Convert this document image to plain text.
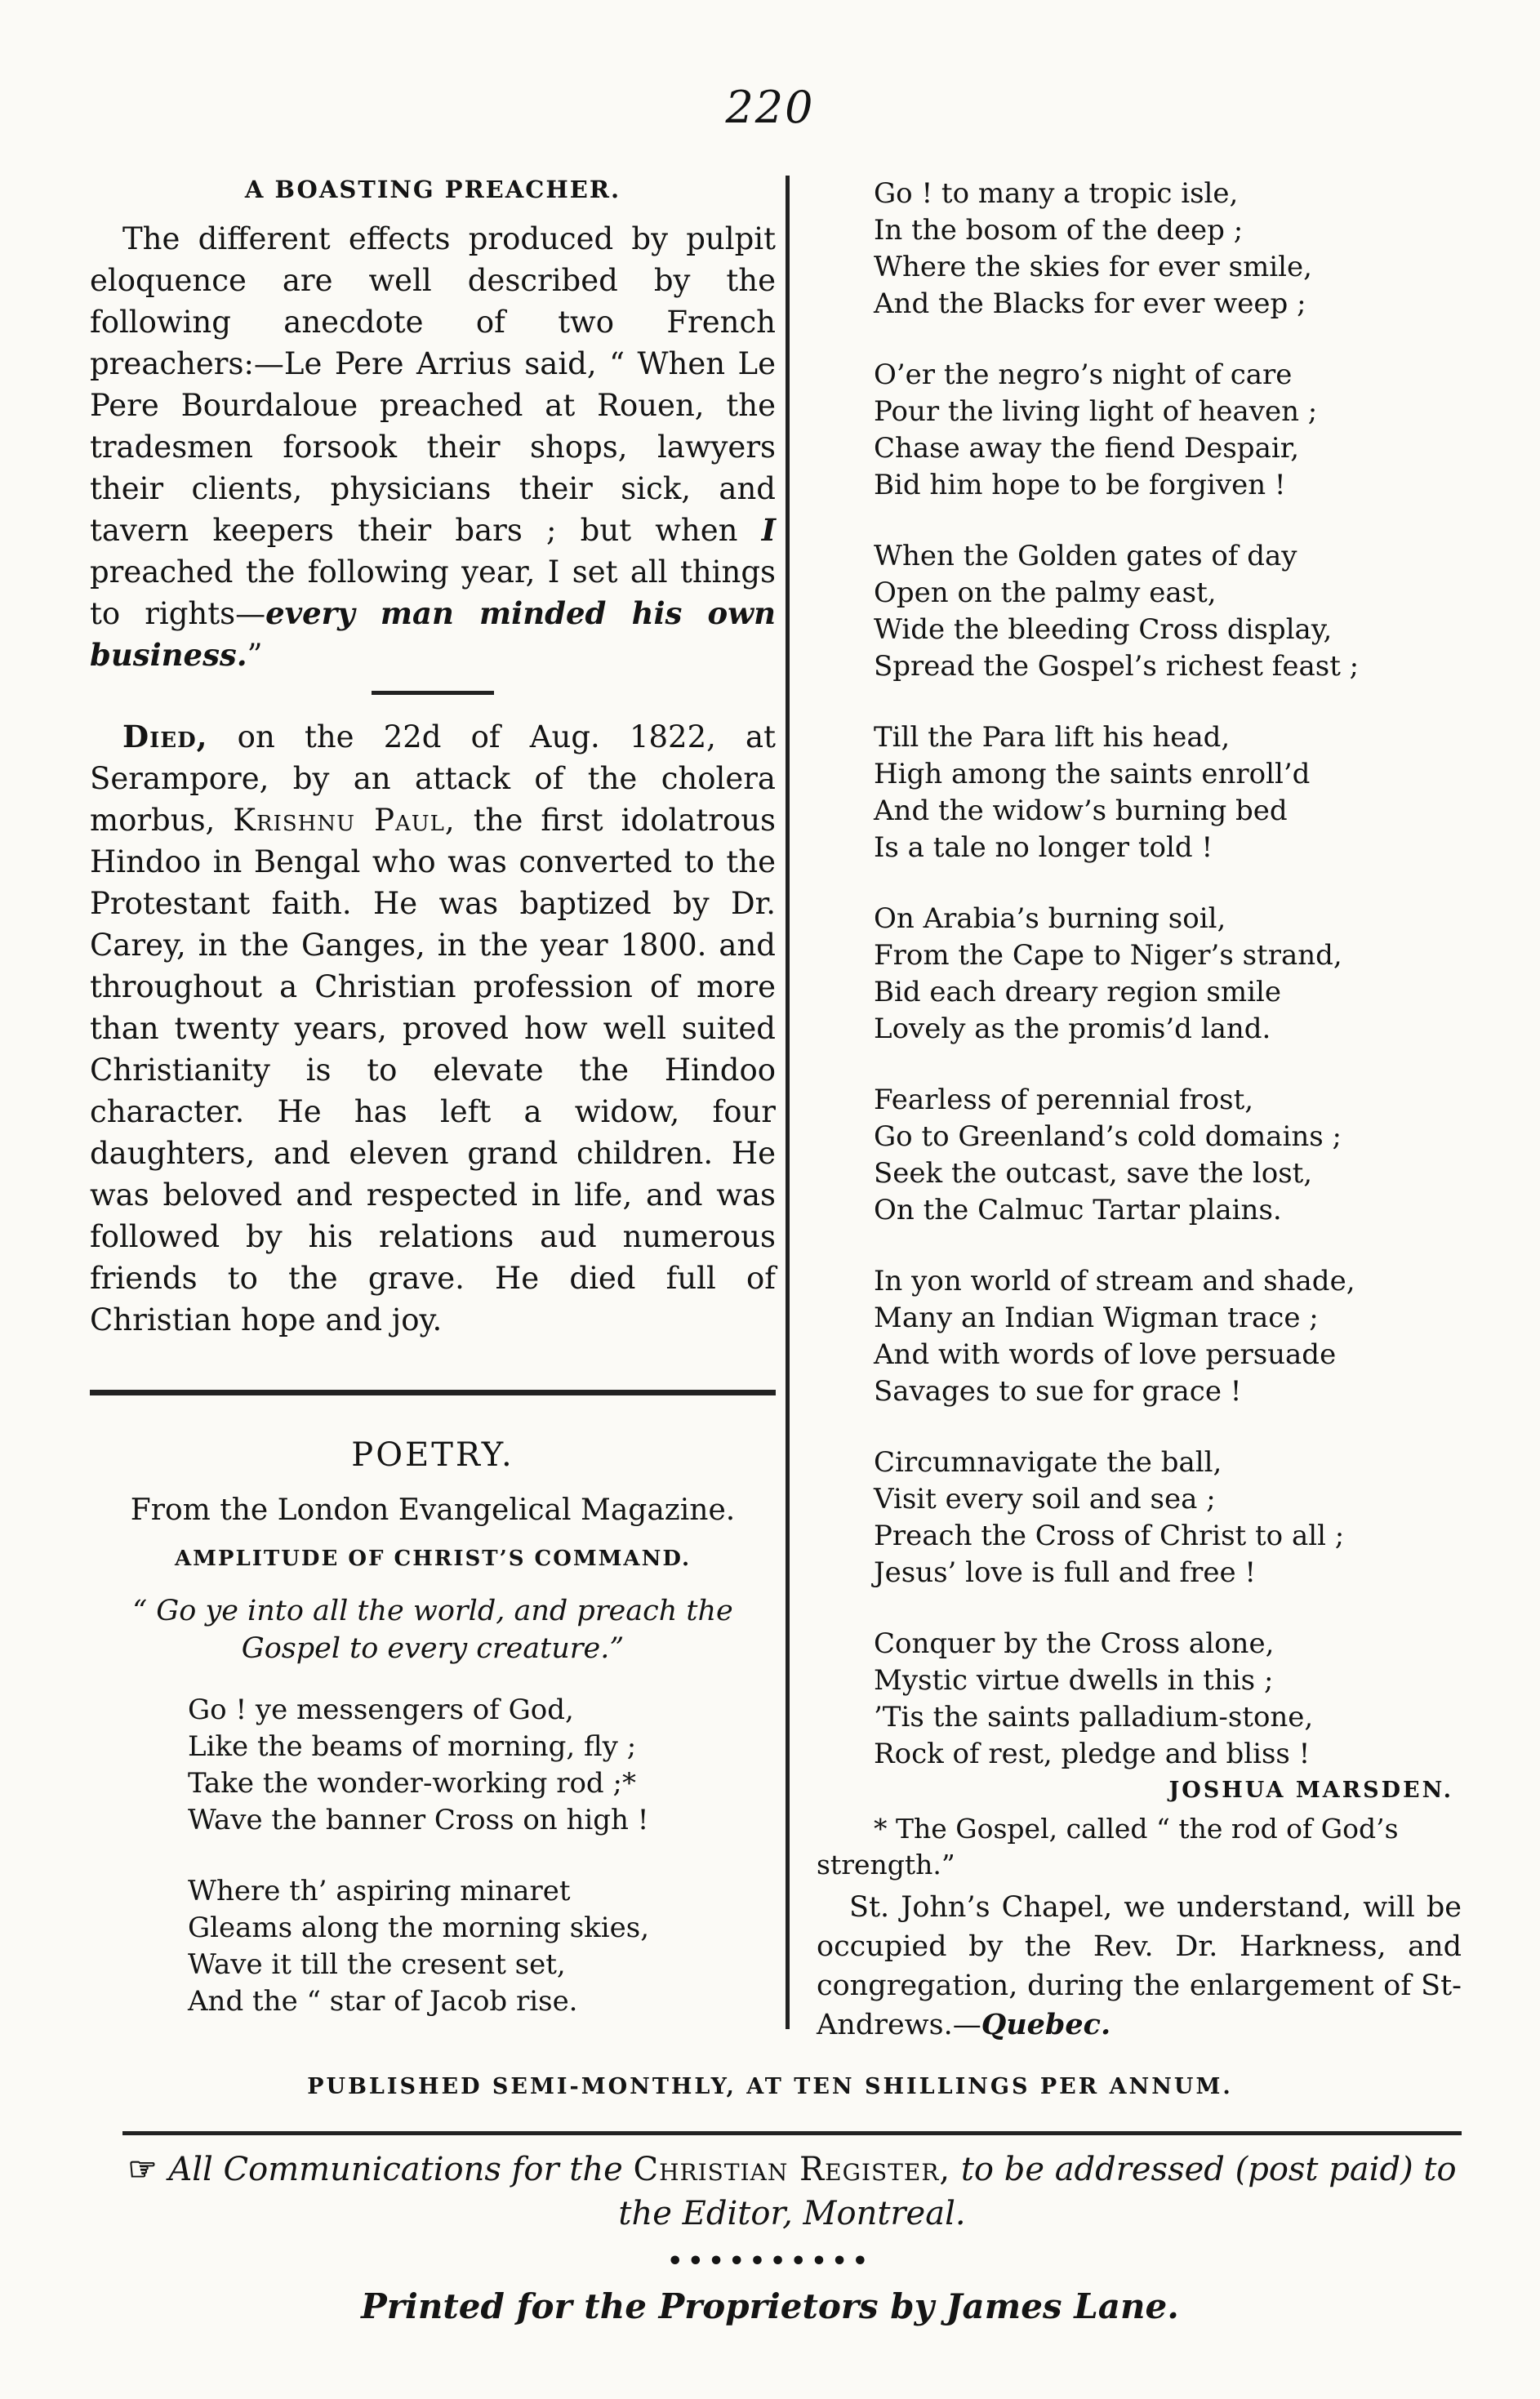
220
A BOASTING PREACHER.

The different effects produced by pulpit eloquence are well described by the following anecdote of two French preachers:—Le Pere Arrius said, “ When Le Pere Bourdaloue preached at Rouen, the tradesmen forsook their shops, lawyers their clients, physicians their sick, and tavern keepers their bars ; but when I preached the following year, I set all things to rights—every man minded his own business.”

Died, on the 22d of Aug. 1822, at Serampore, by an attack of the cholera morbus, Krishnu Paul, the first idolatrous Hindoo in Bengal who was converted to the Protestant faith. He was baptized by Dr. Carey, in the Ganges, in the year 1800. and throughout a Christian profession of more than twenty years, proved how well suited Christianity is to elevate the Hindoo character. He has left a widow, four daughters, and eleven grand children. He was beloved and respected in life, and was followed by his relations aud numerous friends to the grave. He died full of Christian hope and joy.

POETRY.
From the London Evangelical Magazine.
AMPLITUDE OF CHRIST’S COMMAND.
“ Go ye into all the world, and preach the Gospel to every creature.”
Go ! ye messengers of God,
Like the beams of morning, fly ;
Take the wonder-working rod ;*
Wave the banner Cross on high !
Where th’ aspiring minaret
Gleams along the morning skies,
Wave it till the cresent set,
And the “ star of Jacob rise.
Go ! to many a tropic isle,
In the bosom of the deep ;
Where the skies for ever smile,
And the Blacks for ever weep ;
O’er the negro’s night of care
Pour the living light of heaven ;
Chase away the fiend Despair,
Bid him hope to be forgiven !
When the Golden gates of day
Open on the palmy east,
Wide the bleeding Cross display,
Spread the Gospel’s richest feast ;
Till the Para lift his head,
High among the saints enroll’d
And the widow’s burning bed
Is a tale no longer told !
On Arabia’s burning soil,
From the Cape to Niger’s strand,
Bid each dreary region smile
Lovely as the promis’d land.
Fearless of perennial frost,
Go to Greenland’s cold domains ;
Seek the outcast, save the lost,
On the Calmuc Tartar plains.
In yon world of stream and shade,
Many an Indian Wigman trace ;
And with words of love persuade
Savages to sue for grace !
Circumnavigate the ball,
Visit every soil and sea ;
Preach the Cross of Christ to all ;
Jesus’ love is full and free !
Conquer by the Cross alone,
Mystic virtue dwells in this ;
’Tis the saints palladium-stone,
Rock of rest, pledge and bliss !
JOSHUA MARSDEN.

* The Gospel, called “ the rod of God’s strength.”

St. John’s Chapel, we understand, will be occupied by the Rev. Dr. Harkness, and congregation, during the enlargement of St- Andrews.—Quebec.

PUBLISHED SEMI-MONTHLY, AT TEN SHILLINGS PER ANNUM.
☞ All Communications for the Christian Register, to be addressed (post paid) to the Editor, Montreal.
••••••••••
Printed for the Proprietors by James Lane.
